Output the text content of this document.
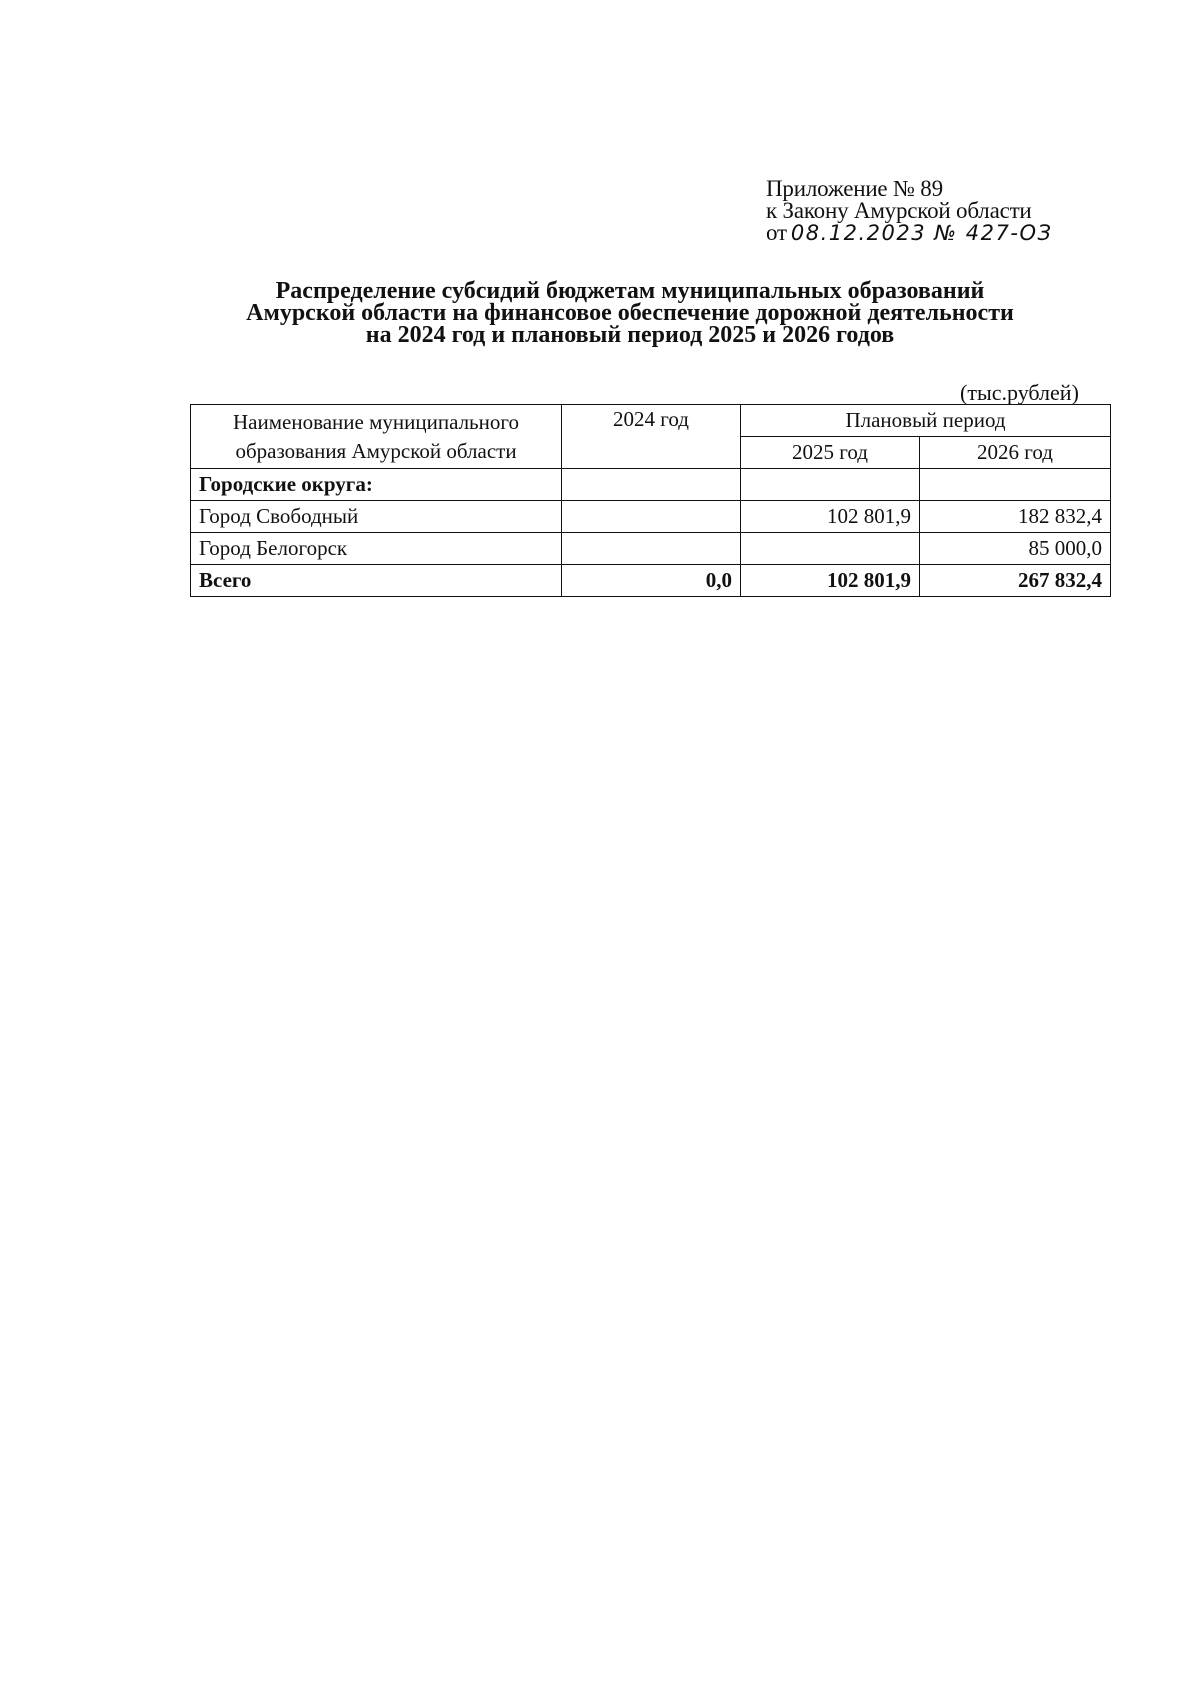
Приложение № 89
к Закону Амурской области
от 08.12.2023 № 427-ОЗ
Распределение субсидий бюджетам муниципальных образований
Амурской области на финансовое обеспечение дорожной деятельности
на 2024 год и плановый период 2025 и 2026 годов
(тыс.рублей)
Наименование муниципального
образования Амурской области	2024 год	Плановый период	
		2025 год	2026 год
Городские округа:			
Город Свободный		102 801,9	182 832,4
Город Белогорск			85 000,0
Всего	0,0	102 801,9	267 832,4
